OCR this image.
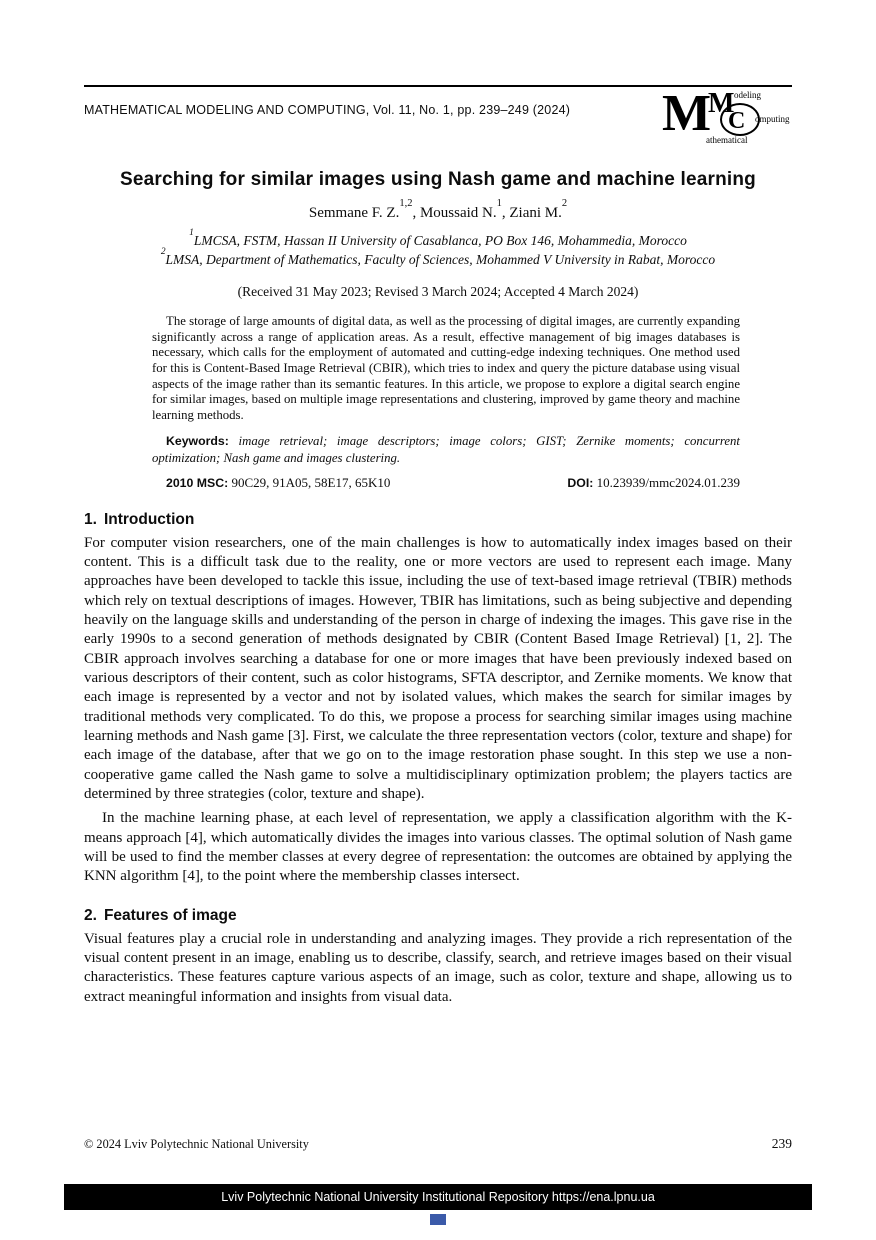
MATHEMATICAL MODELING AND COMPUTING, Vol. 11, No. 1, pp. 239–249 (2024)	M
M odeling
C omputing
athematical
Searching for similar images using Nash game and machine learning
Semmane F. Z.$^{1,2}$, Moussaid N.$^1$, Ziani M.$^2$
$^1$LMCSA, FSTM, Hassan II University of Casablanca, PO Box 146, Mohammedia, Morocco
$^2$LMSA, Department of Mathematics, Faculty of Sciences, Mohammed V University in Rabat, Morocco
(Received 31 May 2023; Revised 3 March 2024; Accepted 4 March 2024)
The storage of large amounts of digital data, as well as the processing of digital images, are currently expanding significantly across a range of application areas. As a result, effective management of big images databases is necessary, which calls for the employment of automated and cutting-edge indexing techniques. One method used for this is Content-Based Image Retrieval (CBIR), which tries to index and query the picture database using visual aspects of the image rather than its semantic features. In this article, we propose to explore a digital search engine for similar images, based on multiple image representations and clustering, improved by game theory and machine learning methods.
Keywords: image retrieval; image descriptors; image colors; GIST; Zernike moments; concurrent optimization; Nash game and images clustering.
2010 MSC: 90C29, 91A05, 58E17, 65K10	DOI: 10.23939/mmc2024.01.239
1. Introduction

For computer vision researchers, one of the main challenges is how to automatically index images based on their content. This is a difficult task due to the reality, one or more vectors are used to represent each image. Many approaches have been developed to tackle this issue, including the use of text-based image retrieval (TBIR) methods which rely on textual descriptions of images. However, TBIR has limitations, such as being subjective and depending heavily on the language skills and understanding of the person in charge of indexing the images. This gave rise in the early 1990s to a second generation of methods designated by CBIR (Content Based Image Retrieval) [1, 2]. The CBIR approach involves searching a database for one or more images that have been previously indexed based on various descriptors of their content, such as color histograms, SFTA descriptor, and Zernike moments. We know that each image is represented by a vector and not by isolated values, which makes the search for similar images by traditional methods very complicated. To do this, we propose a process for searching similar images using machine learning methods and Nash game [3]. First, we calculate the three representation vectors (color, texture and shape) for each image of the database, after that we go on to the image restoration phase sought. In this step we use a non-cooperative game called the Nash game to solve a multidisciplinary optimization problem; the players tactics are determined by three strategies (color, texture and shape).

In the machine learning phase, at each level of representation, we apply a classification algorithm with the K-means approach [4], which automatically divides the images into various classes. The optimal solution of Nash game will be used to find the member classes at every degree of representation: the outcomes are obtained by applying the KNN algorithm [4], to the point where the membership classes intersect.

2. Features of image

Visual features play a crucial role in understanding and analyzing images. They provide a rich representation of the visual content present in an image, enabling us to describe, classify, search, and retrieve images based on their visual characteristics. These features capture various aspects of an image, such as color, texture and shape, allowing us to extract meaningful information and insights from visual data.

© 2024 Lviv Polytechnic National University	239
Lviv Polytechnic National University Institutional Repository https://ena.lpnu.ua
